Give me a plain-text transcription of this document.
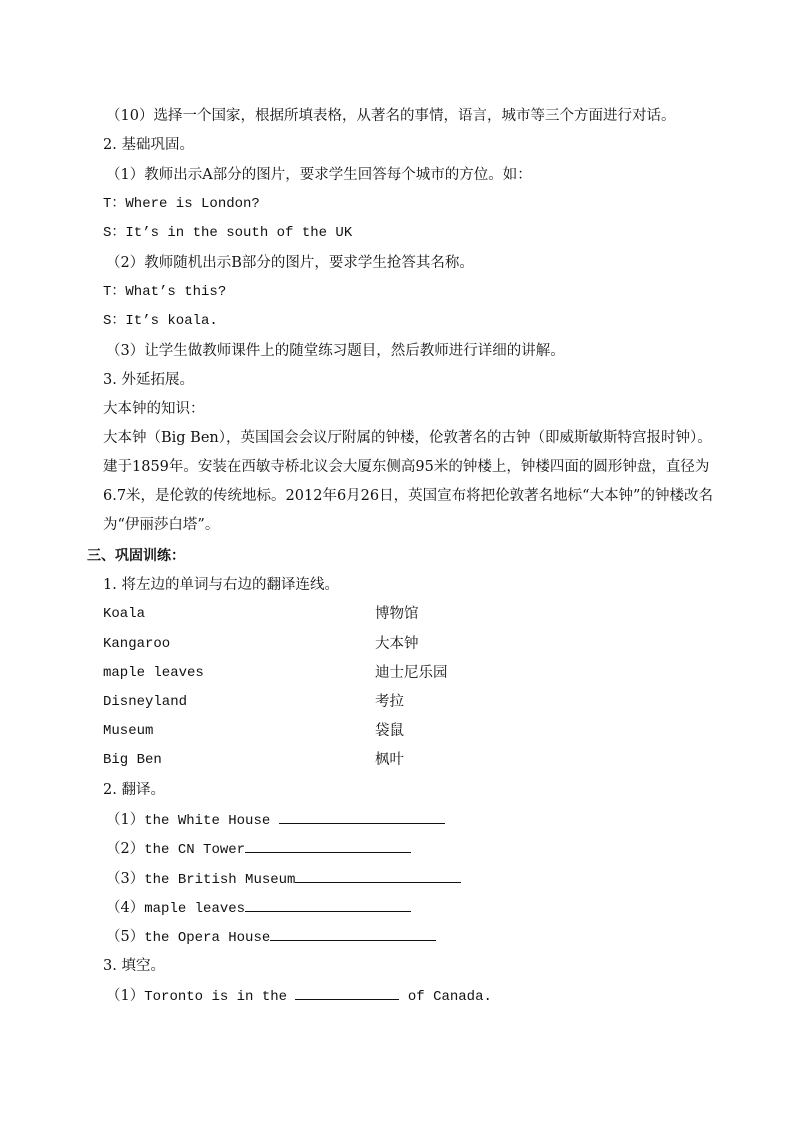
（10）选择一个国家，根据所填表格，从著名的事情，语言，城市等三个方面进行对话。
2. 基础巩固。
（1）教师出示A部分的图片，要求学生回答每个城市的方位。如：
T：Where is London?
S：It’s in the south of the UK
（2）教师随机出示B部分的图片，要求学生抢答其名称。
T：What’s this?
S：It’s koala.
（3）让学生做教师课件上的随堂练习题目，然后教师进行详细的讲解。
3. 外延拓展。
大本钟的知识：
大本钟（Big Ben），英国国会会议厅附属的钟楼，伦敦著名的古钟（即威斯敏斯特宫报时钟）。建于1859年。安装在西敏寺桥北议会大厦东侧高95米的钟楼上，钟楼四面的圆形钟盘，直径为6.7米，是伦敦的传统地标。2012年6月26日，英国宣布将把伦敦著名地标“大本钟”的钟楼改名为“伊丽莎白塔”。
三、巩固训练：
1. 将左边的单词与右边的翻译连线。
Koala	博物馆
Kangaroo	大本钟
maple leaves	迪士尼乐园
Disneyland	考拉
Museum	袋鼠
Big Ben	枫叶
2. 翻译。
（1）the White House
（2）the CN Tower
（3）the British Museum
（4）maple leaves
（5）the Opera House
3. 填空。
（1）Toronto is in the	of Canada.
